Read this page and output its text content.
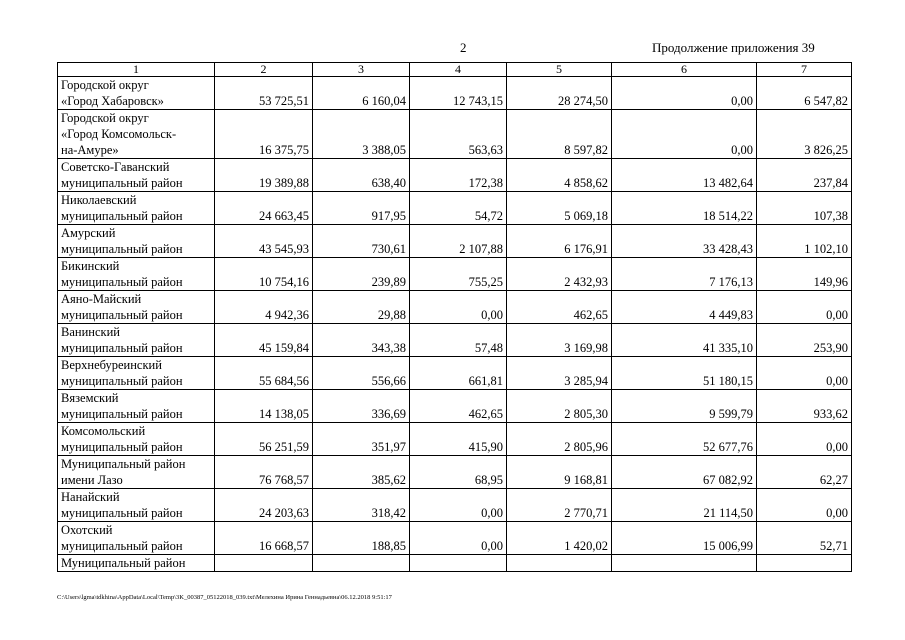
2	Продолжение приложения 39
1	2	3	4	5	6	7
Городской округ
«Город Хабаровск»	53 725,51	6 160,04	12 743,15	28 274,50	0,00	6 547,82
Городской округ
«Город Комсомольск-
на-Амуре»	16 375,75	3 388,05	563,63	8 597,82	0,00	3 826,25
Советско-Гаванский
муниципальный район	19 389,88	638,40	172,38	4 858,62	13 482,64	237,84
Николаевский
муниципальный район	24 663,45	917,95	54,72	5 069,18	18 514,22	107,38
Амурский
муниципальный район	43 545,93	730,61	2 107,88	6 176,91	33 428,43	1 102,10
Бикинский
муниципальный район	10 754,16	239,89	755,25	2 432,93	7 176,13	149,96
Аяно-Майский
муниципальный район	4 942,36	29,88	0,00	462,65	4 449,83	0,00
Ванинский
муниципальный район	45 159,84	343,38	57,48	3 169,98	41 335,10	253,90
Верхнебуреинский
муниципальный район	55 684,56	556,66	661,81	3 285,94	51 180,15	0,00
Вяземский
муниципальный район	14 138,05	336,69	462,65	2 805,30	9 599,79	933,62
Комсомольский
муниципальный район	56 251,59	351,97	415,90	2 805,96	52 677,76	0,00
Муниципальный район
имени Лазо	76 768,57	385,62	68,95	9 168,81	67 082,92	62,27
Нанайский
муниципальный район	24 203,63	318,42	0,00	2 770,71	21 114,50	0,00
Охотский
муниципальный район	16 668,57	188,85	0,00	1 420,02	15 006,99	52,71
Муниципальный район						
C:\Users\lgma\tdkhina\AppData\Local\Temp\3K_00387_05122018_039.txt\Мелехина Ирина Геннадьевна\06.12.2018 9:51:17
